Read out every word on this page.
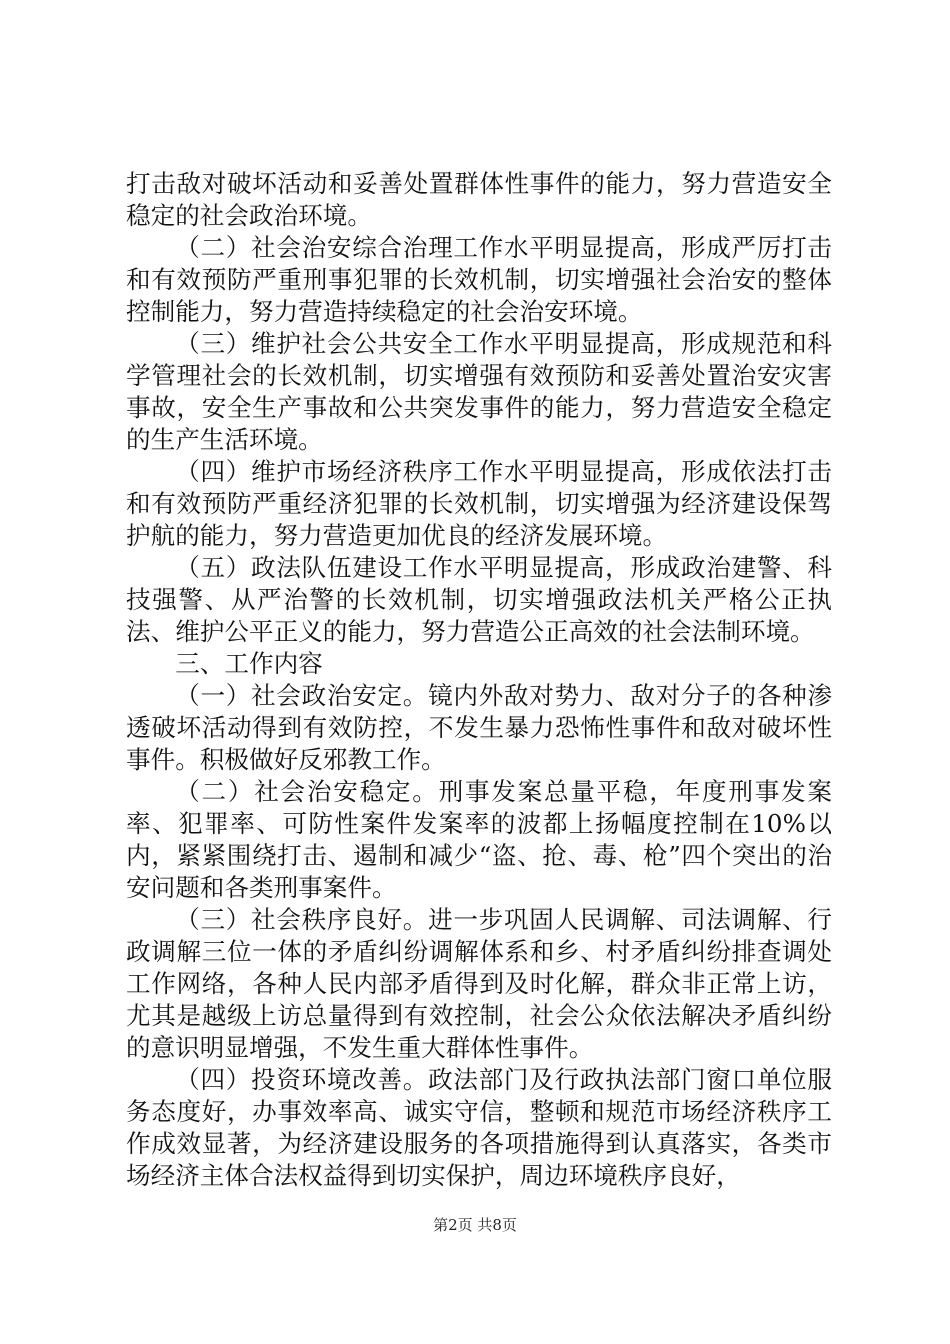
打击敌对破坏活动和妥善处置群体性事件的能力，努力营造安全稳定的社会政治环境。

（二）社会治安综合治理工作水平明显提高，形成严厉打击和有效预防严重刑事犯罪的长效机制，切实增强社会治安的整体控制能力，努力营造持续稳定的社会治安环境。

（三）维护社会公共安全工作水平明显提高，形成规范和科学管理社会的长效机制，切实增强有效预防和妥善处置治安灾害事故，安全生产事故和公共突发事件的能力，努力营造安全稳定的生产生活环境。

（四）维护市场经济秩序工作水平明显提高，形成依法打击和有效预防严重经济犯罪的长效机制，切实增强为经济建设保驾护航的能力，努力营造更加优良的经济发展环境。

（五）政法队伍建设工作水平明显提高，形成政治建警、科技强警、从严治警的长效机制，切实增强政法机关严格公正执法、维护公平正义的能力，努力营造公正高效的社会法制环境。

三、工作内容

（一）社会政治安定。镜内外敌对势力、敌对分子的各种渗透破坏活动得到有效防控，不发生暴力恐怖性事件和敌对破坏性事件。积极做好反邪教工作。

（二）社会治安稳定。刑事发案总量平稳，年度刑事发案率、犯罪率、可防性案件发案率的波都上扬幅度控制在10%以内，紧紧围绕打击、遏制和减少“盗、抢、毒、枪”四个突出的治安问题和各类刑事案件。

（三）社会秩序良好。进一步巩固人民调解、司法调解、行政调解三位一体的矛盾纠纷调解体系和乡、村矛盾纠纷排查调处工作网络，各种人民内部矛盾得到及时化解，群众非正常上访，尤其是越级上访总量得到有效控制，社会公众依法解决矛盾纠纷的意识明显增强，不发生重大群体性事件。

（四）投资环境改善。政法部门及行政执法部门窗口单位服务态度好，办事效率高、诚实守信，整顿和规范市场经济秩序工作成效显著，为经济建设服务的各项措施得到认真落实，各类市场经济主体合法权益得到切实保护，周边环境秩序良好，

第2页 共8页
